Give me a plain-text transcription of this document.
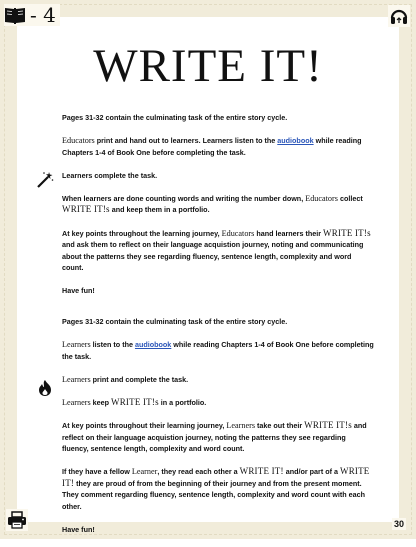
- 4
WRITE IT!

Pages 31-32 contain the culminating task of the entire story cycle.

Educators print and hand out to learners. Learners listen to the audiobook while reading Chapters 1-4 of Book One before completing the task.

Learners complete the task.

When learners are done counting words and writing the number down, Educators collect WRITE IT!s and keep them in a portfolio.

At key points throughout the learning journey, Educators hand learners their WRITE IT!s and ask them to reflect on their language acquistion journey, noting and communicating about the patterns they see regarding fluency, sentence length, complexity and word count.

Have fun!

Pages 31-32 contain the culminating task of the entire story cycle.

Learners listen to the audiobook while reading Chapters 1-4 of Book One before completing the task.

Learners print and complete the task.

Learners keep WRITE IT!s in a portfolio.

At key points throughout their learning journey, Learners take out their WRITE IT!s and reflect on their language acquistion journey, noting the patterns they see regarding fluency, sentence length, complexity and word count.

If they have a fellow Learner, they read each other a WRITE IT! and/or part of a WRITE IT! they are proud of from the beginning of their journey and from the present moment. They comment regarding fluency, sentence length, complexity and word count with each other.

Have fun!

30
